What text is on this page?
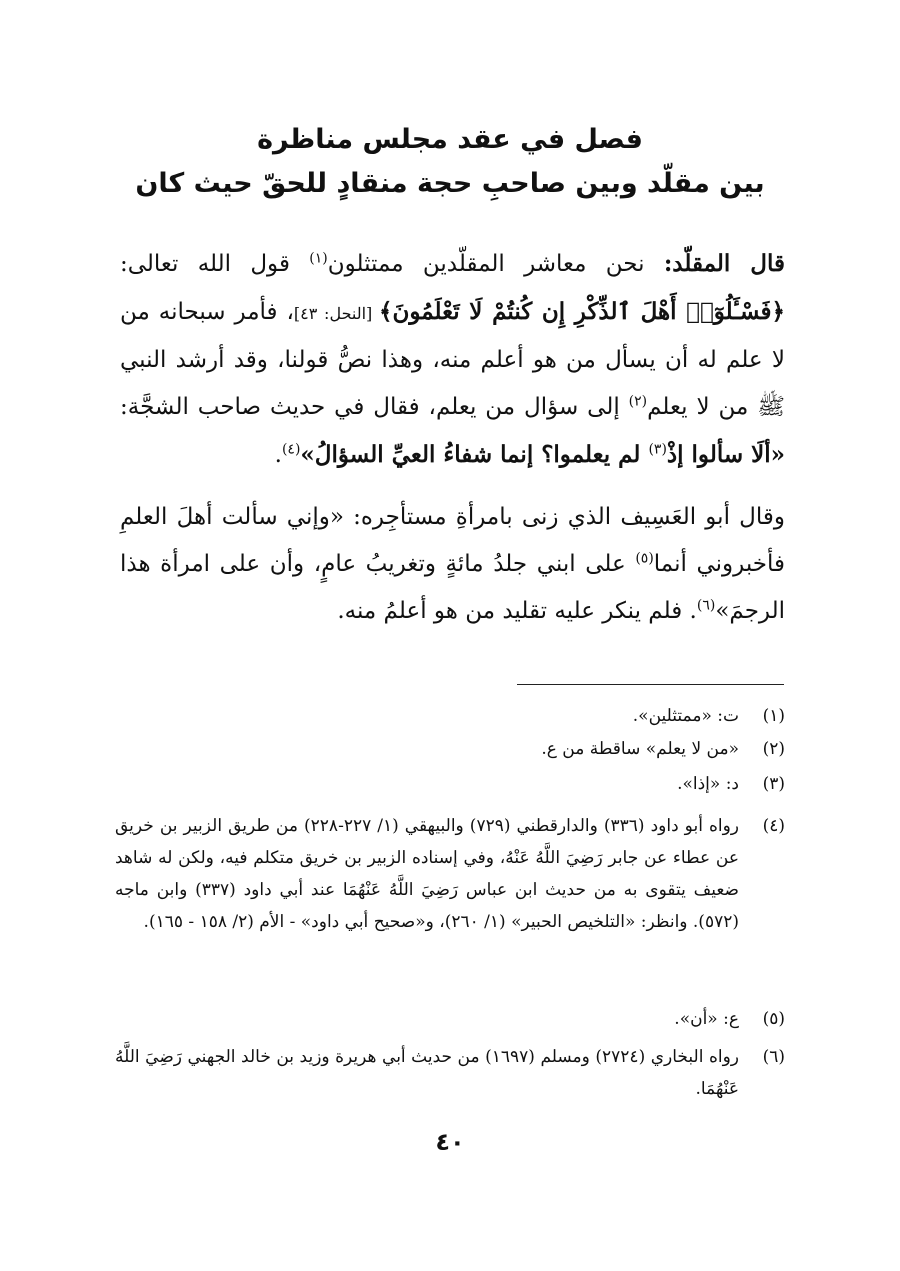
فصل في عقد مجلس مناظرة
بين مقلّد وبين صاحبِ حجة منقادٍ للحقّ حيث كان
قال المقلّد: نحن معاشر المقلّدين ممتثلون$^{(١)}$ قول الله تعالى: ﴿فَسْـَٔلُوٓا۟ أَهْلَ ٱلذِّكْرِ إِن كُنتُمْ لَا تَعْلَمُونَ﴾ [النحل: ٤٣]، فأمر سبحانه من لا علم له أن يسأل من هو أعلم منه، وهذا نصُّ قولنا، وقد أرشد النبي ﷺ من لا يعلم$^{(٢)}$ إلى سؤال من يعلم، فقال في حديث صاحب الشجَّة: «ألَا سألوا إذْ$^{(٣)}$ لم يعلموا؟ إنما شفاءُ العيِّ السؤالُ»$^{(٤)}$.
وقال أبو العَسِيف الذي زنى بامرأةِ مستأجِره: «وإني سألت أهلَ العلمِ فأخبروني أنما$^{(٥)}$ على ابني جلدُ مائةٍ وتغريبُ عامٍ، وأن على امرأة هذا الرجمَ»$^{(٦)}$. فلم ينكر عليه تقليد من هو أعلمُ منه.
(١)
ت: «ممتثلين».
(٢)
«من لا يعلم» ساقطة من ع.
(٣)
د: «إذا».
(٤)
رواه أبو داود (٣٣٦) والدارقطني (٧٢٩) والبيهقي (١/ ٢٢٧-٢٢٨) من طريق الزبير بن خريق عن عطاء عن جابر رَضِيَ اللَّهُ عَنْهُ، وفي إسناده الزبير بن خريق متكلم فيه، ولكن له شاهد ضعيف يتقوى به من حديث ابن عباس رَضِيَ اللَّهُ عَنْهُمَا عند أبي داود (٣٣٧) وابن ماجه (٥٧٢). وانظر: «التلخيص الحبير» (١/ ٢٦٠)، و«صحيح أبي داود» - الأم (٢/ ١٥٨ - ١٦٥).
(٥)
ع: «أن».
(٦)
رواه البخاري (٢٧٢٤) ومسلم (١٦٩٧) من حديث أبي هريرة وزيد بن خالد الجهني رَضِيَ اللَّهُ عَنْهُمَا.
٤٠
